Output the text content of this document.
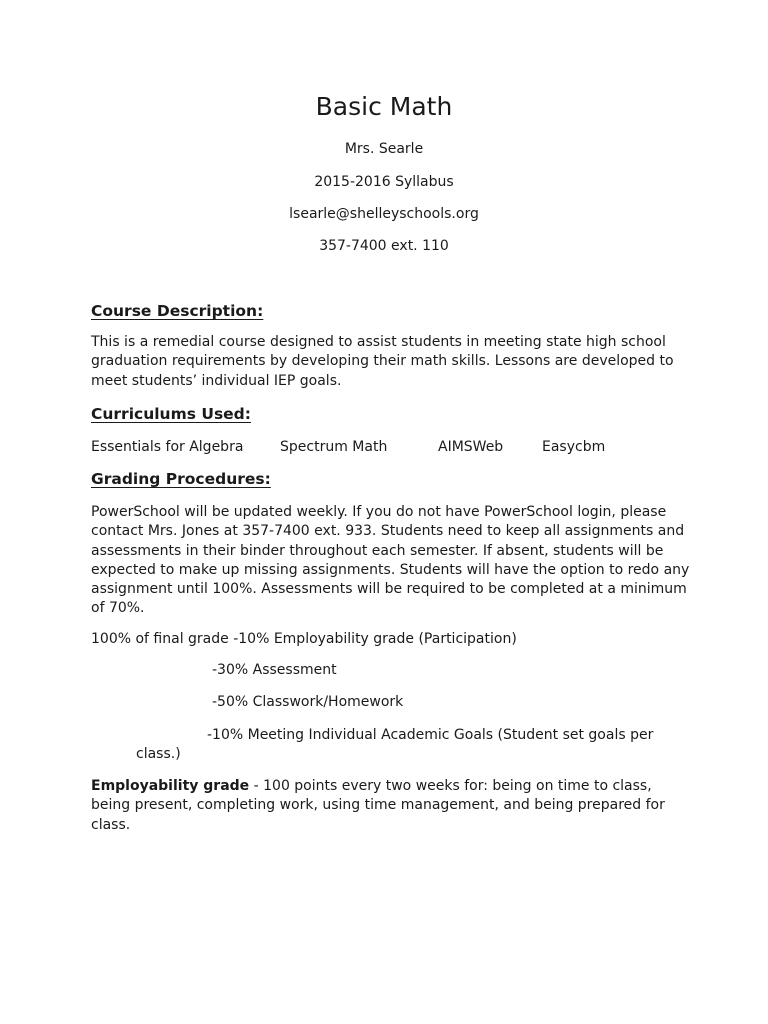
Basic Math
Mrs. Searle
2015-2016 Syllabus
lsearle@shelleyschools.org
357-7400 ext. 110
Course Description:
This is a remedial course designed to assist students in meeting state high school graduation requirements by developing their math skills. Lessons are developed to meet students’ individual IEP goals.
Curriculums Used:
Essentials for Algebra	Spectrum Math	AIMSWeb	Easycbm
Grading Procedures:
PowerSchool will be updated weekly. If you do not have PowerSchool login, please contact Mrs. Jones at 357-7400 ext. 933. Students need to keep all assignments and assessments in their binder throughout each semester. If absent, students will be expected to make up missing assignments. Students will have the option to redo any assignment until 100%. Assessments will be required to be completed at a minimum of 70%.
100% of final grade -10% Employability grade (Participation)
-30% Assessment
-50% Classwork/Homework
-10% Meeting Individual Academic Goals (Student set goals per
class.)
Employability grade - 100 points every two weeks for: being on time to class, being present, completing work, using time management, and being prepared for class.
